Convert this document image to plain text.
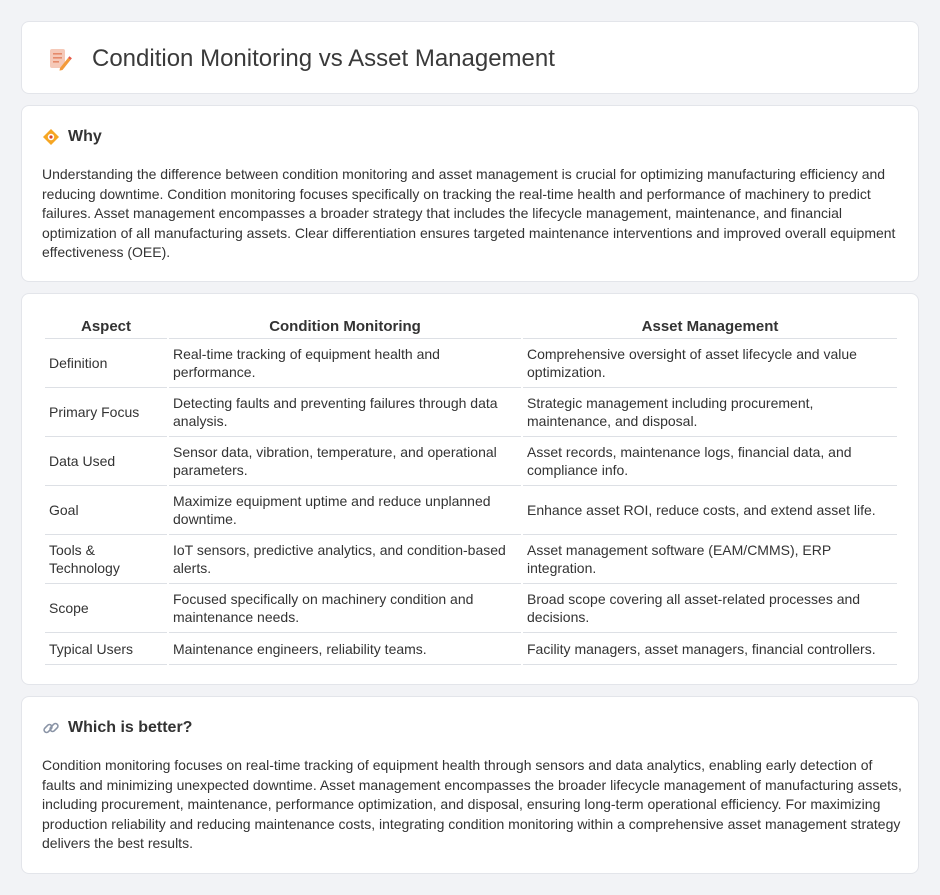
Condition Monitoring vs Asset Management
Why

Understanding the difference between condition monitoring and asset management is crucial for optimizing manufacturing efficiency and reducing downtime. Condition monitoring focuses specifically on tracking the real-time health and performance of machinery to predict failures. Asset management encompasses a broader strategy that includes the lifecycle management, maintenance, and financial optimization of all manufacturing assets. Clear differentiation ensures targeted maintenance interventions and improved overall equipment effectiveness (OEE).

Aspect	Condition Monitoring	Asset Management
Definition	Real-time tracking of equipment health and performance.	Comprehensive oversight of asset lifecycle and value optimization.
Primary Focus	Detecting faults and preventing failures through data analysis.	Strategic management including procurement, maintenance, and disposal.
Data Used	Sensor data, vibration, temperature, and operational parameters.	Asset records, maintenance logs, financial data, and compliance info.
Goal	Maximize equipment uptime and reduce unplanned downtime.	Enhance asset ROI, reduce costs, and extend asset life.
Tools & Technology	IoT sensors, predictive analytics, and condition-based alerts.	Asset management software (EAM/CMMS), ERP integration.
Scope	Focused specifically on machinery condition and maintenance needs.	Broad scope covering all asset-related processes and decisions.
Typical Users	Maintenance engineers, reliability teams.	Facility managers, asset managers, financial controllers.
Which is better?

Condition monitoring focuses on real-time tracking of equipment health through sensors and data analytics, enabling early detection of faults and minimizing unexpected downtime. Asset management encompasses the broader lifecycle management of manufacturing assets, including procurement, maintenance, performance optimization, and disposal, ensuring long-term operational efficiency. For maximizing production reliability and reducing maintenance costs, integrating condition monitoring within a comprehensive asset management strategy delivers the best results.
